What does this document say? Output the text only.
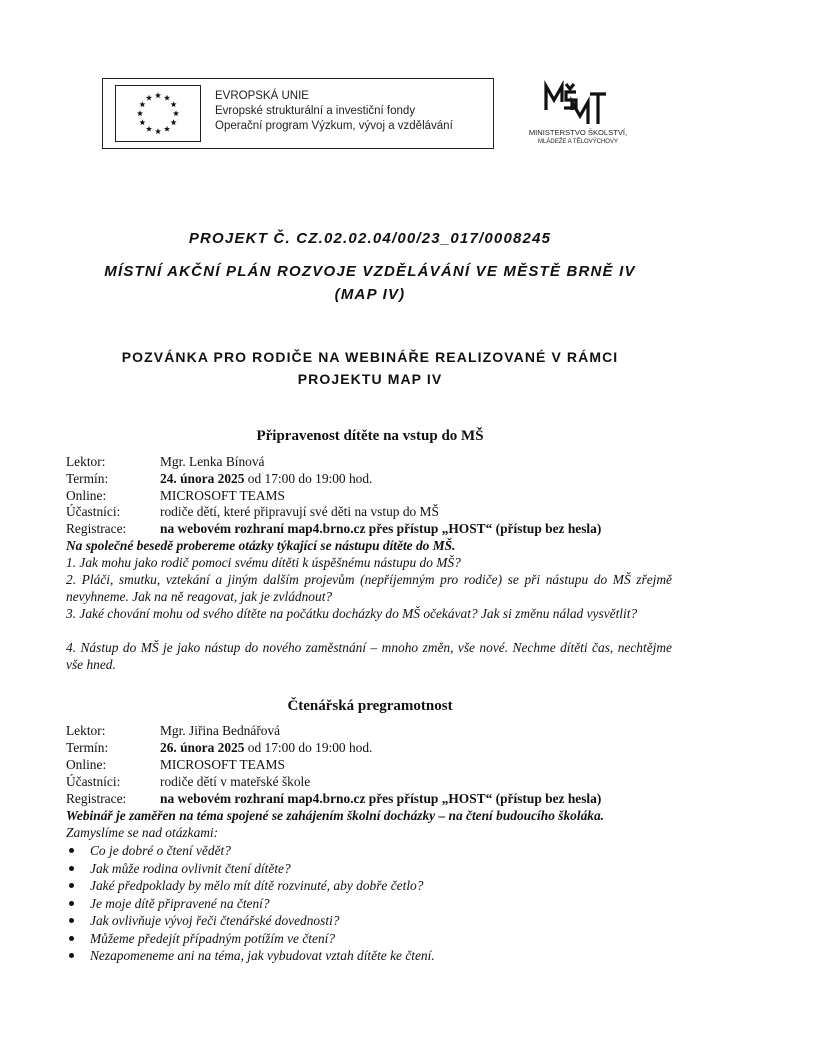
EVROPSKÁ UNIE
Evropské strukturální a investiční fondy
Operační program Výzkum, vývoj a vzdělávání
MINISTERSTVO ŠKOLSTVÍ,
MLÁDEŽE A TĚLOVÝCHOVY
PROJEKT Č. CZ.02.02.04/00/23_017/0008245
MÍSTNÍ AKČNÍ PLÁN ROZVOJE VZDĚLÁVÁNÍ VE MĚSTĚ BRNĚ IV
(MAP IV)
POZVÁNKA PRO RODIČE NA WEBINÁŘE REALIZOVANÉ V RÁMCI
PROJEKTU MAP IV
Připravenost dítěte na vstup do MŠ
Lektor:	Mgr. Lenka Bínová
Termín:	24. února 2025 od 17:00 do 19:00 hod.
Online:	MICROSOFT TEAMS
Účastníci:	rodiče dětí, které připravují své děti na vstup do MŠ
Registrace:	na webovém rozhraní map4.brno.cz přes přístup „HOST“ (přístup bez hesla)
Na společné besedě probereme otázky týkající se nástupu dítěte do MŠ.
1. Jak mohu jako rodič pomoci svému dítěti k úspěšnému nástupu do MŠ?
2. Pláči, smutku, vztekání a jiným dalším projevům (nepříjemným pro rodiče) se při nástupu do MŠ zřejmě nevyhneme. Jak na ně reagovat, jak je zvládnout?
3. Jaké chování mohu od svého dítěte na počátku docházky do MŠ očekávat? Jak si změnu nálad vysvětlit?
4. Nástup do MŠ je jako nástup do nového zaměstnání – mnoho změn, vše nové. Nechme dítěti čas, nechtějme vše hned.
Čtenářská pregramotnost
Lektor:	Mgr. Jiřina Bednářová
Termín:	26. února 2025 od 17:00 do 19:00 hod.
Online:	MICROSOFT TEAMS
Účastníci:	rodiče dětí v mateřské škole
Registrace:	na webovém rozhraní map4.brno.cz přes přístup „HOST“ (přístup bez hesla)
Webinář je zaměřen na téma spojené se zahájením školní docházky – na čtení budoucího školáka.
Zamyslíme se nad otázkami:
Co je dobré o čtení vědět?
Jak může rodina ovlivnit čtení dítěte?
Jaké předpoklady by mělo mít dítě rozvinuté, aby dobře četlo?
Je moje dítě připravené na čtení?
Jak ovlivňuje vývoj řeči čtenářské dovednosti?
Můžeme předejít případným potížím ve čtení?
Nezapomeneme ani na téma, jak vybudovat vztah dítěte ke čtení.
